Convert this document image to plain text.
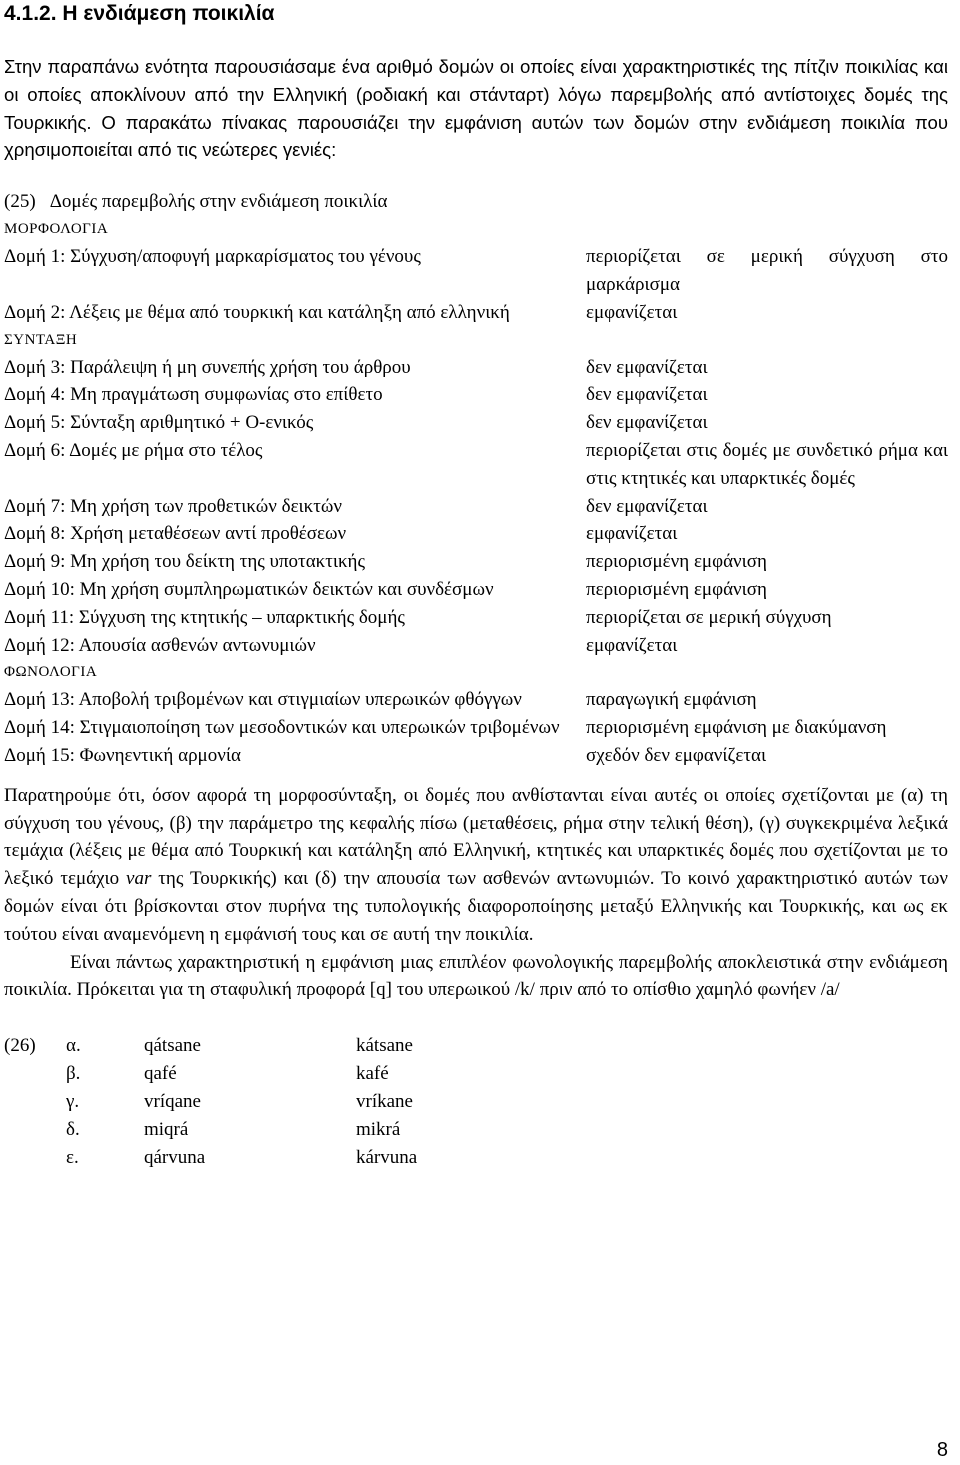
4.1.2. Η ενδιάμεση ποικιλία

Στην παραπάνω ενότητα παρουσιάσαμε ένα αριθμό δομών οι οποίες είναι χαρακτηριστικές της πίτζιν ποικιλίας και οι οποίες αποκλίνουν από την Ελληνική (ροδιακή και στάνταρτ) λόγω παρεμβολής από αντίστοιχες δομές της Τουρκικής. Ο παρακάτω πίνακας παρουσιάζει την εμφάνιση αυτών των δομών στην ενδιάμεση ποικιλία που χρησιμοποιείται από τις νεώτερες γενιές:

(25) Δομές παρεμβολής στην ενδιάμεση ποικιλία
ΜΟΡΦΟΛΟΓΙΑ		
Δομή 1: Σύγχυση/αποφυγή μαρκαρίσματος του γένους		περιορίζεται σε μερική σύγχυση στο μαρκάρισμα
Δομή 2: Λέξεις με θέμα από τουρκική και κατάληξη από ελληνική		εμφανίζεται
ΣΥΝΤΑΞΗ		
Δομή 3: Παράλειψη ή μη συνεπής χρήση του άρθρου		δεν εμφανίζεται
Δομή 4: Μη πραγμάτωση συμφωνίας στο επίθετο		δεν εμφανίζεται
Δομή 5: Σύνταξη αριθμητικό + Ο-ενικός		δεν εμφανίζεται
Δομή 6: Δομές με ρήμα στο τέλος		περιορίζεται στις δομές με συνδετικό ρήμα και στις κτητικές και υπαρκτικές δομές
Δομή 7: Μη χρήση των προθετικών δεικτών		δεν εμφανίζεται
Δομή 8: Χρήση μεταθέσεων αντί προθέσεων		εμφανίζεται
Δομή 9: Μη χρήση του δείκτη της υποτακτικής		περιορισμένη εμφάνιση
Δομή 10: Μη χρήση συμπληρωματικών δεικτών και συνδέσμων		περιορισμένη εμφάνιση
Δομή 11: Σύγχυση της κτητικής – υπαρκτικής δομής		περιορίζεται σε μερική σύγχυση
Δομή 12: Απουσία ασθενών αντωνυμιών		εμφανίζεται
ΦΩΝΟΛΟΓΙΑ		
Δομή 13: Αποβολή τριβομένων και στιγμιαίων υπερωικών φθόγγων		παραγωγική εμφάνιση
Δομή 14: Στιγμαιοποίηση των μεσοδοντικών και υπερωικών τριβομένων		περιορισμένη εμφάνιση με διακύμανση
Δομή 15: Φωνηεντική αρμονία		σχεδόν δεν εμφανίζεται

Παρατηρούμε ότι, όσον αφορά τη μορφοσύνταξη, οι δομές που ανθίστανται είναι αυτές οι οποίες σχετίζονται με (α) τη σύγχυση του γένους, (β) την παράμετρο της κεφαλής πίσω (μεταθέσεις, ρήμα στην τελική θέση), (γ) συγκεκριμένα λεξικά τεμάχια (λέξεις με θέμα από Τουρκική και κατάληξη από Ελληνική, κτητικές και υπαρκτικές δομές που σχετίζονται με το λεξικό τεμάχιο var της Τουρκικής) και (δ) την απουσία των ασθενών αντωνυμιών. Το κοινό χαρακτηριστικό αυτών των δομών είναι ότι βρίσκονται στον πυρήνα της τυπολογικής διαφοροποίησης μεταξύ Ελληνικής και Τουρκικής, και ως εκ τούτου είναι αναμενόμενη η εμφάνισή τους και σε αυτή την ποικιλία.

Είναι πάντως χαρακτηριστική η εμφάνιση μιας επιπλέον φωνολογικής παρεμβολής αποκλειστικά στην ενδιάμεση ποικιλία. Πρόκειται για τη σταφυλική προφορά [q] του υπερωικού /k/ πριν από το οπίσθιο χαμηλό φωνήεν /a/

(26) α.	qátsane	kátsane
β.	qafé	kafé
γ.	vríqane	vríkane
δ.	miqrá	mikrá
ε.	qárvuna	kárvuna
8
